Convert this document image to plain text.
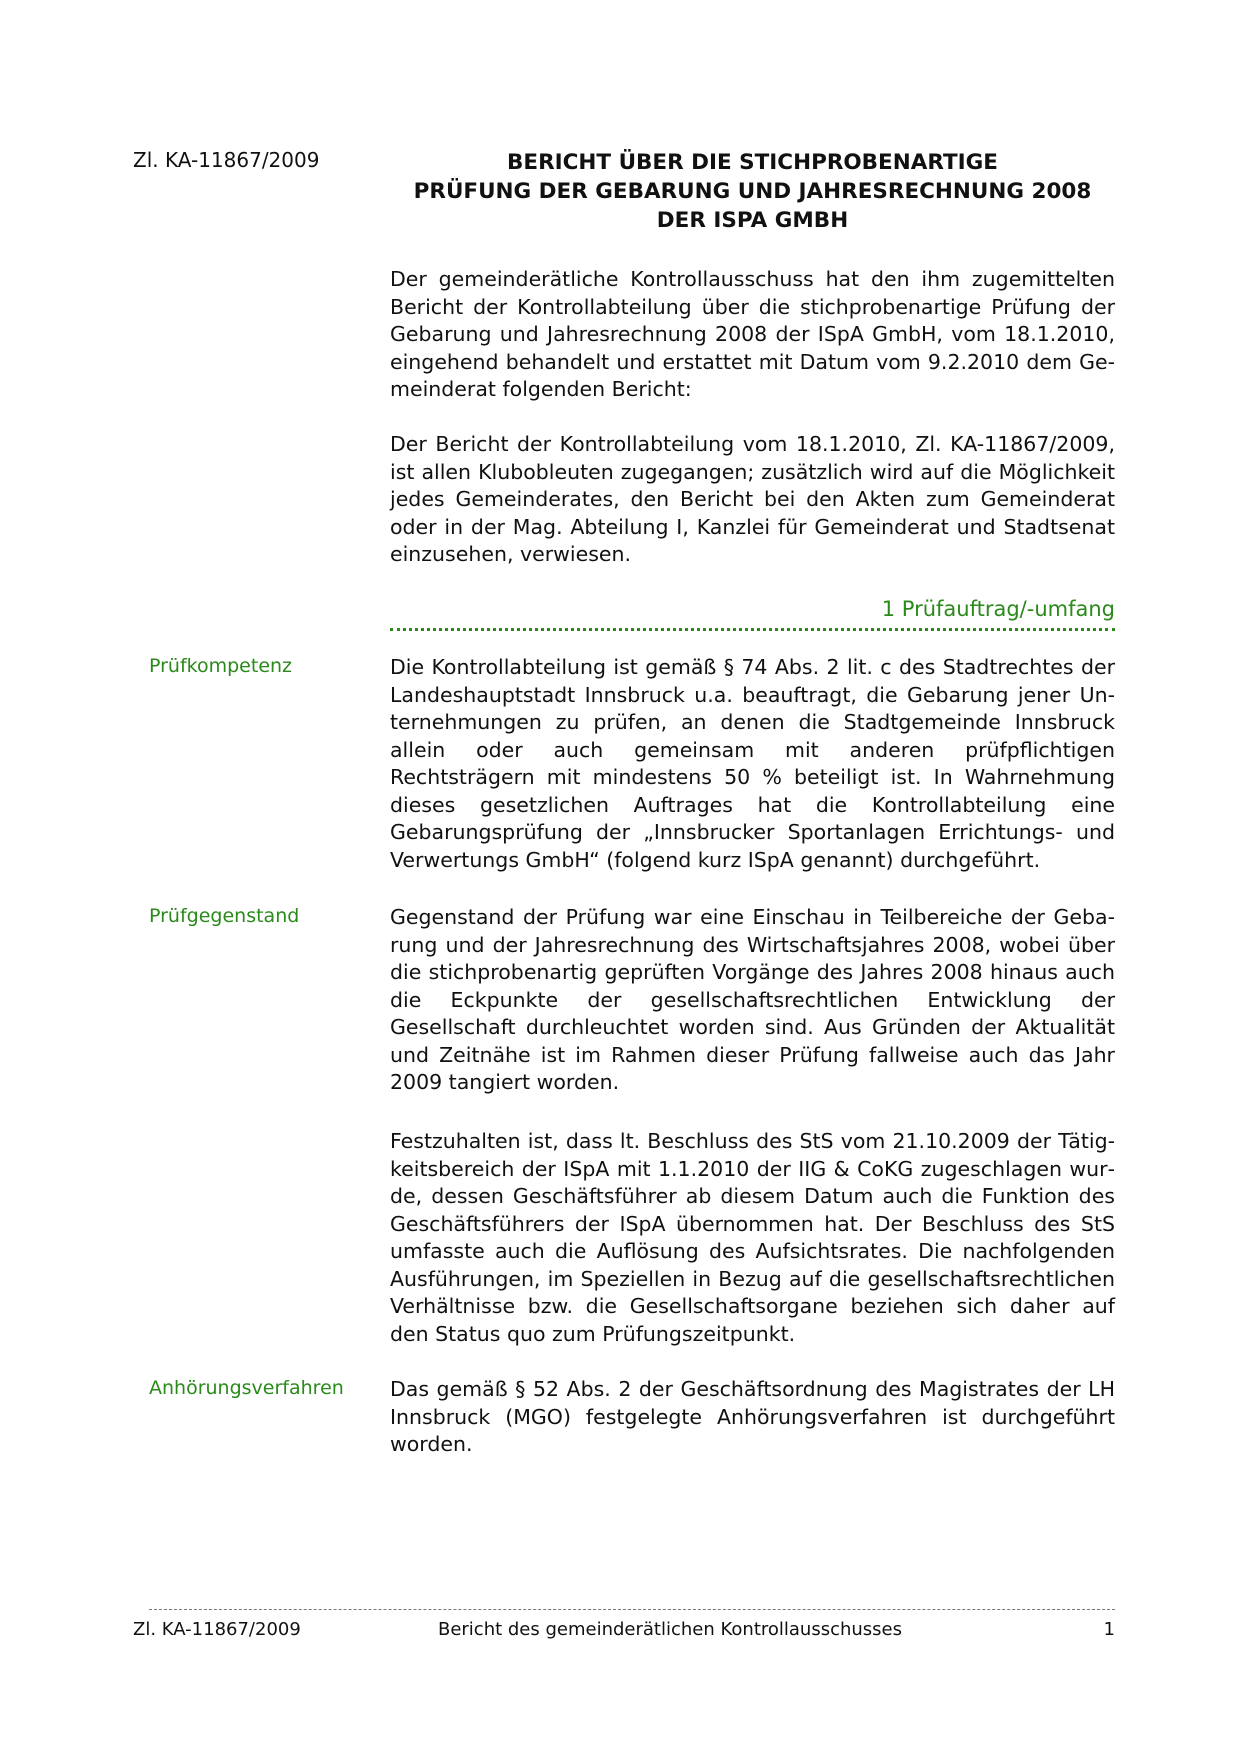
Zl. KA-11867/2009	BERICHT ÜBER DIE STICHPROBENARTIGE
PRÜFUNG DER GEBARUNG UND JAHRESRECHNUNG 2008
DER ISPA GMBH
Der gemeinderätliche Kontrollausschuss hat den ihm zugemittelten Bericht der Kontrollabteilung über die stichprobenartige Prüfung der Gebarung und Jahresrechnung 2008 der ISpA GmbH, vom 18.1.2010, eingehend behandelt und erstattet mit Datum vom 9.2.2010 dem Gemeinderat folgenden Bericht:
Der Bericht der Kontrollabteilung vom 18.1.2010, Zl. KA-11867/2009, ist allen Klubobleuten zugegangen; zusätzlich wird auf die Möglichkeit jedes Gemeinderates, den Bericht bei den Akten zum Gemeinderat oder in der Mag. Abteilung I, Kanzlei für Gemeinderat und Stadtsenat einzusehen, verwiesen.
1 Prüfauftrag/-umfang
Prüfkompetenz	Die Kontrollabteilung ist gemäß § 74 Abs. 2 lit. c des Stadtrechtes der Landeshauptstadt Innsbruck u.a. beauftragt, die Gebarung jener Unternehmungen zu prüfen, an denen die Stadtgemeinde Innsbruck allein oder auch gemeinsam mit anderen prüfpflichtigen Rechtsträgern mit mindestens 50 % beteiligt ist. In Wahrnehmung dieses gesetzlichen Auftrages hat die Kontrollabteilung eine Gebarungsprüfung der „Innsbrucker Sportanlagen Errichtungs- und Verwertungs GmbH“ (folgend kurz ISpA genannt) durchgeführt.
Prüfgegenstand	Gegenstand der Prüfung war eine Einschau in Teilbereiche der Gebarung und der Jahresrechnung des Wirtschaftsjahres 2008, wobei über die stichprobenartig geprüften Vorgänge des Jahres 2008 hinaus auch die Eckpunkte der gesellschaftsrechtlichen Entwicklung der Gesellschaft durchleuchtet worden sind. Aus Gründen der Aktualität und Zeitnähe ist im Rahmen dieser Prüfung fallweise auch das Jahr 2009 tangiert worden.
Festzuhalten ist, dass lt. Beschluss des StS vom 21.10.2009 der Tätigkeitsbereich der ISpA mit 1.1.2010 der IIG & CoKG zugeschlagen wurde, dessen Geschäftsführer ab diesem Datum auch die Funktion des Geschäftsführers der ISpA übernommen hat. Der Beschluss des StS umfasste auch die Auflösung des Aufsichtsrates. Die nachfolgenden Ausführungen, im Speziellen in Bezug auf die gesellschaftsrechtlichen Verhältnisse bzw. die Gesellschaftsorgane beziehen sich daher auf den Status quo zum Prüfungszeitpunkt.
Anhörungsverfahren Das gemäß § 52 Abs. 2 der Geschäftsordnung des Magistrates der LH Innsbruck (MGO) festgelegte Anhörungsverfahren ist durchgeführt worden.
Zl. KA-11867/2009	Bericht des gemeinderätlichen Kontrollausschusses	1
